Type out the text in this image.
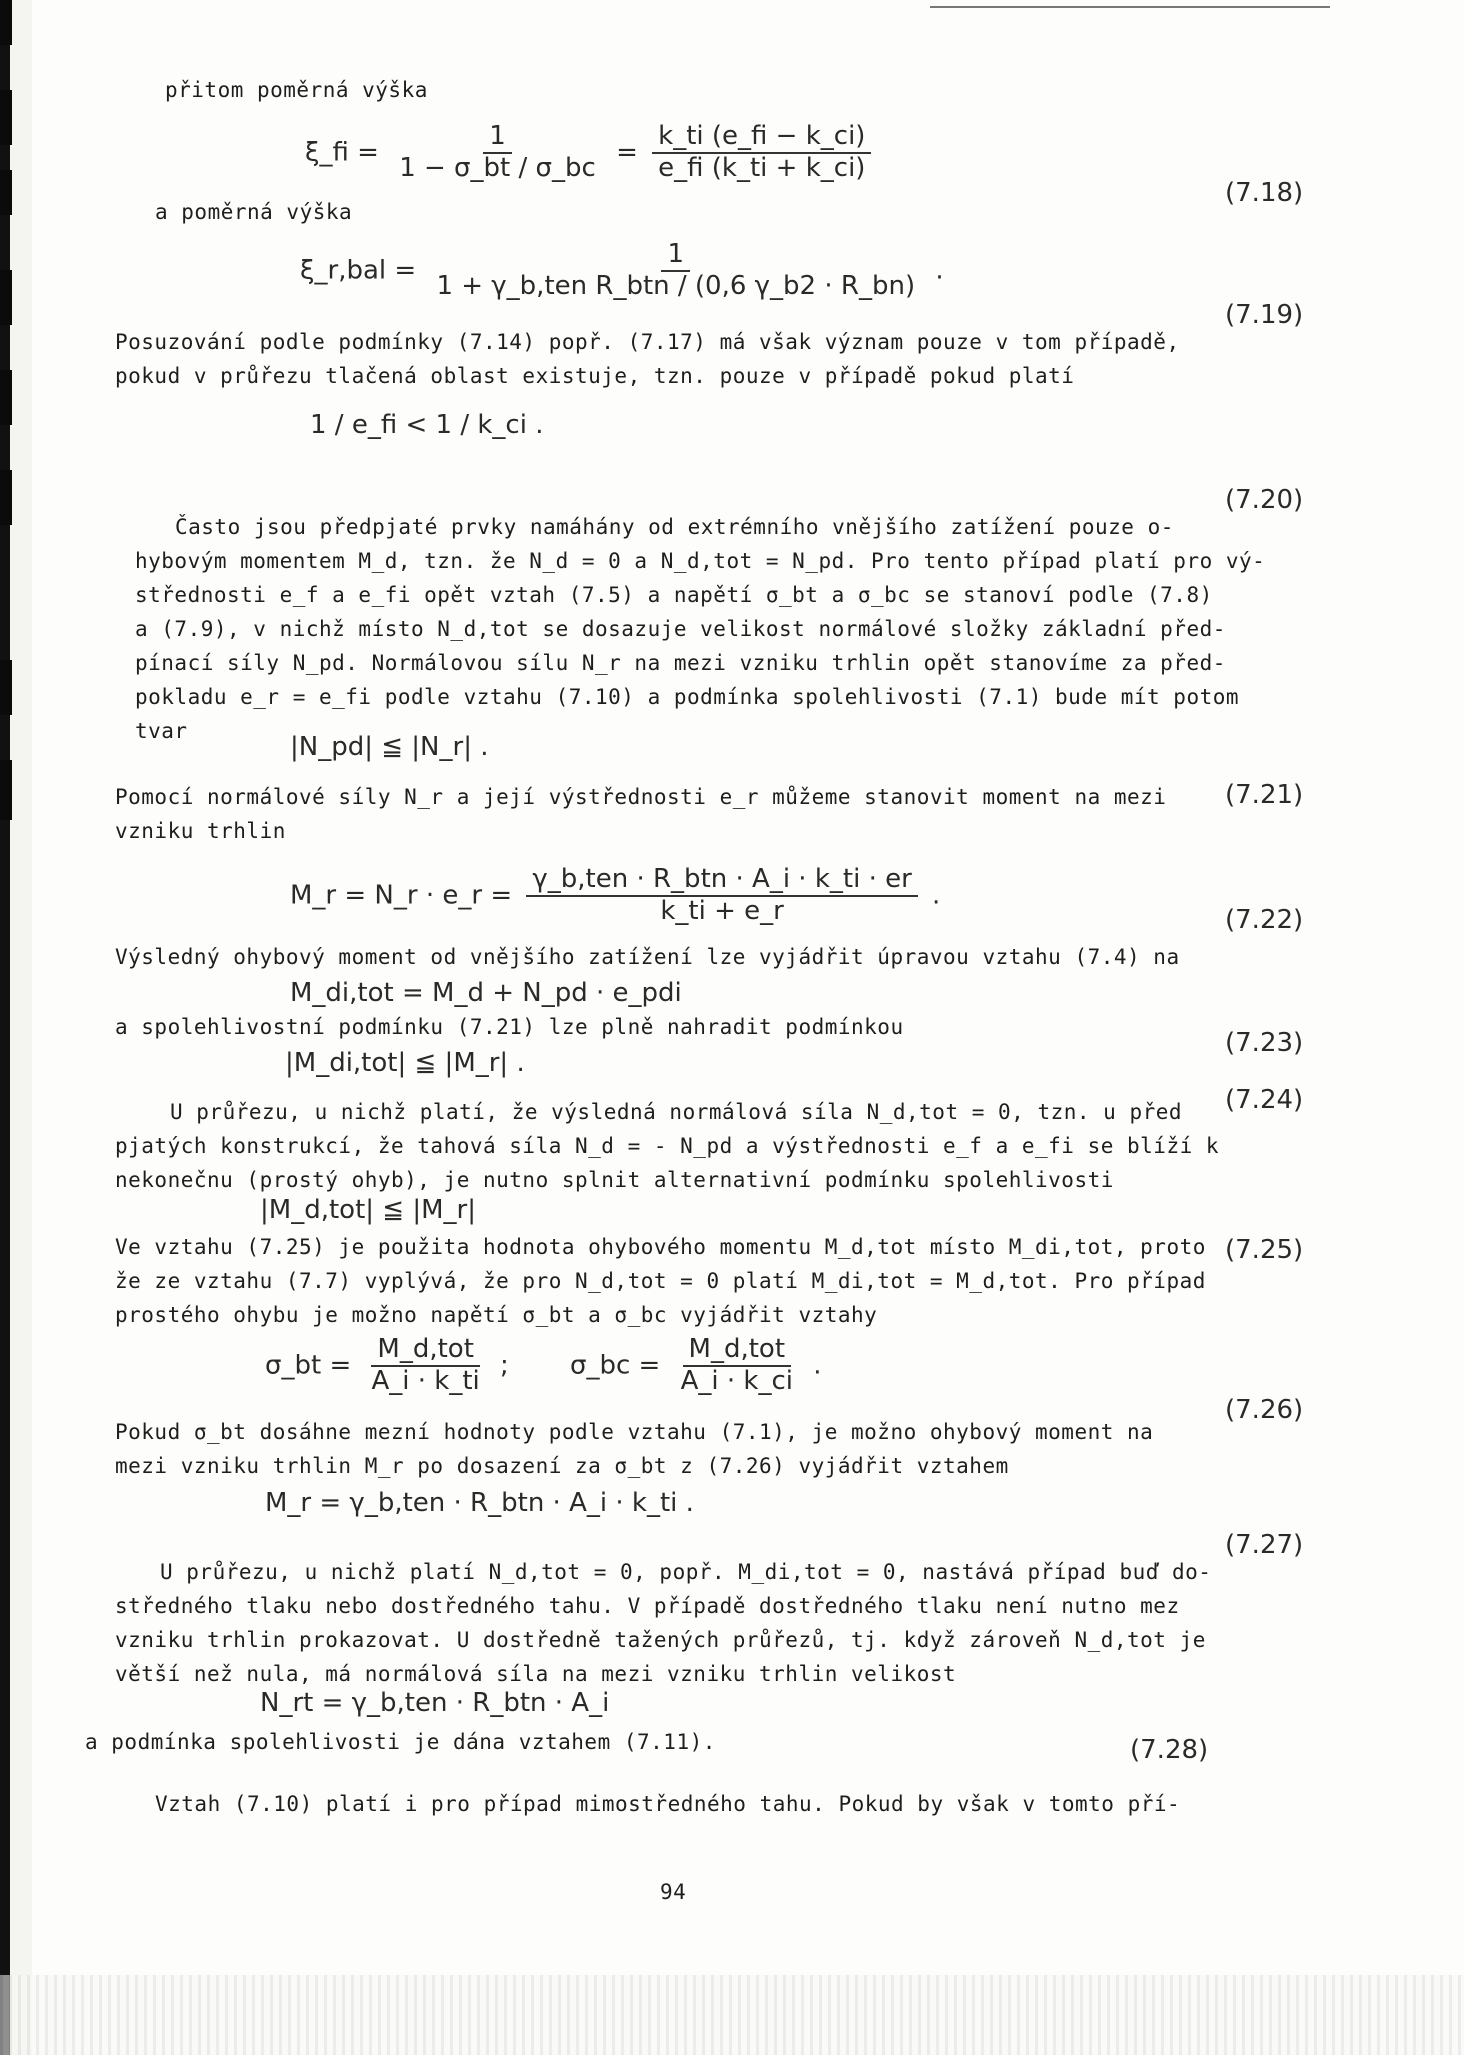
přitom poměrná výška
ξ_fi = $\frac{1}{1 - \sigma\_bt / \sigma\_bc} = \frac{k\_ti (e\_fi - k\_ci)}{e\_fi (k\_ti + k\_ci)}$
a poměrná výška
(7.18)
ξ_r,bal = $\frac{1}{\text{1 + γ\_b,ten R\_btn / (0,6 γ\_b2 · R\_bn)}}$ .
(7.19)
Posuzování podle podmínky (7.14) popř. (7.17) má však význam pouze v tom případě,
pokud v průřezu tlačená oblast existuje, tzn. pouze v případě pokud platí
1 / e_fi < 1 / k_ci .
(7.20)
Často jsou předpjaté prvky namáhány od extrémního vnějšího zatížení pouze o-
hybovým momentem M_d, tzn. že N_d = 0 a N_d,tot = N_pd. Pro tento případ platí pro vý-
střednosti e_f a e_fi opět vztah (7.5) a napětí σ_bt a σ_bc se stanoví podle (7.8)
a (7.9), v nichž místo N_d,tot se dosazuje velikost normálové složky základní před-
pínací síly N_pd. Normálovou sílu N_r na mezi vzniku trhlin opět stanovíme za před-
pokladu e_r = e_fi podle vztahu (7.10) a podmínka spolehlivosti (7.1) bude mít potom
tvar
|N_pd| ≦ |N_r| .
(7.21)
Pomocí normálové síly N_r a její výstřednosti e_r můžeme stanovit moment na mezi
vzniku trhlin
M_r = N_r · e_r = $\frac{\text{γ\_b,ten · R\_btn · A\_i · k\_ti · er}}{k\_ti + e\_r}$ .
(7.22)
Výsledný ohybový moment od vnějšího zatížení lze vyjádřit úpravou vztahu (7.4) na
M_di,tot = M_d + N_pd · e_pdi
a spolehlivostní podmínku (7.21) lze plně nahradit podmínkou
(7.23)
|M_di,tot| ≦ |M_r| .
(7.24)
U průřezu, u nichž platí, že výsledná normálová síla N_d,tot = 0, tzn. u před
pjatých konstrukcí, že tahová síla N_d = - N_pd a výstřednosti e_f a e_fi se blíží k
nekonečnu (prostý ohyb), je nutno splnit alternativní podmínku spolehlivosti
|M_d,tot| ≦ |M_r|
(7.25)
Ve vztahu (7.25) je použita hodnota ohybového momentu M_d,tot místo M_di,tot, proto
že ze vztahu (7.7) vyplývá, že pro N_d,tot = 0 platí M_di,tot = M_d,tot. Pro případ
prostého ohybu je možno napětí σ_bt a σ_bc vyjádřit vztahy
σ_bt = $\frac{\text{M\_d,tot}}{A\_i \cdot k\_ti}$ ; σ_bc = $\frac{\text{M\_d,tot}}{A\_i \cdot k\_ci}$ .
(7.26)
Pokud σ_bt dosáhne mezní hodnoty podle vztahu (7.1), je možno ohybový moment na
mezi vzniku trhlin M_r po dosazení za σ_bt z (7.26) vyjádřit vztahem
M_r = γ_b,ten · R_btn · A_i · k_ti .
(7.27)
U průřezu, u nichž platí N_d,tot = 0, popř. M_di,tot = 0, nastává případ buď do-
středného tlaku nebo dostředného tahu. V případě dostředného tlaku není nutno mez
vzniku trhlin prokazovat. U dostředně tažených průřezů, tj. když zároveň N_d,tot je
větší než nula, má normálová síla na mezi vzniku trhlin velikost
N_rt = γ_b,ten · R_btn · A_i
a podmínka spolehlivosti je dána vztahem (7.11).	(7.28)
Vztah (7.10) platí i pro případ mimostředného tahu. Pokud by však v tomto pří-
94
